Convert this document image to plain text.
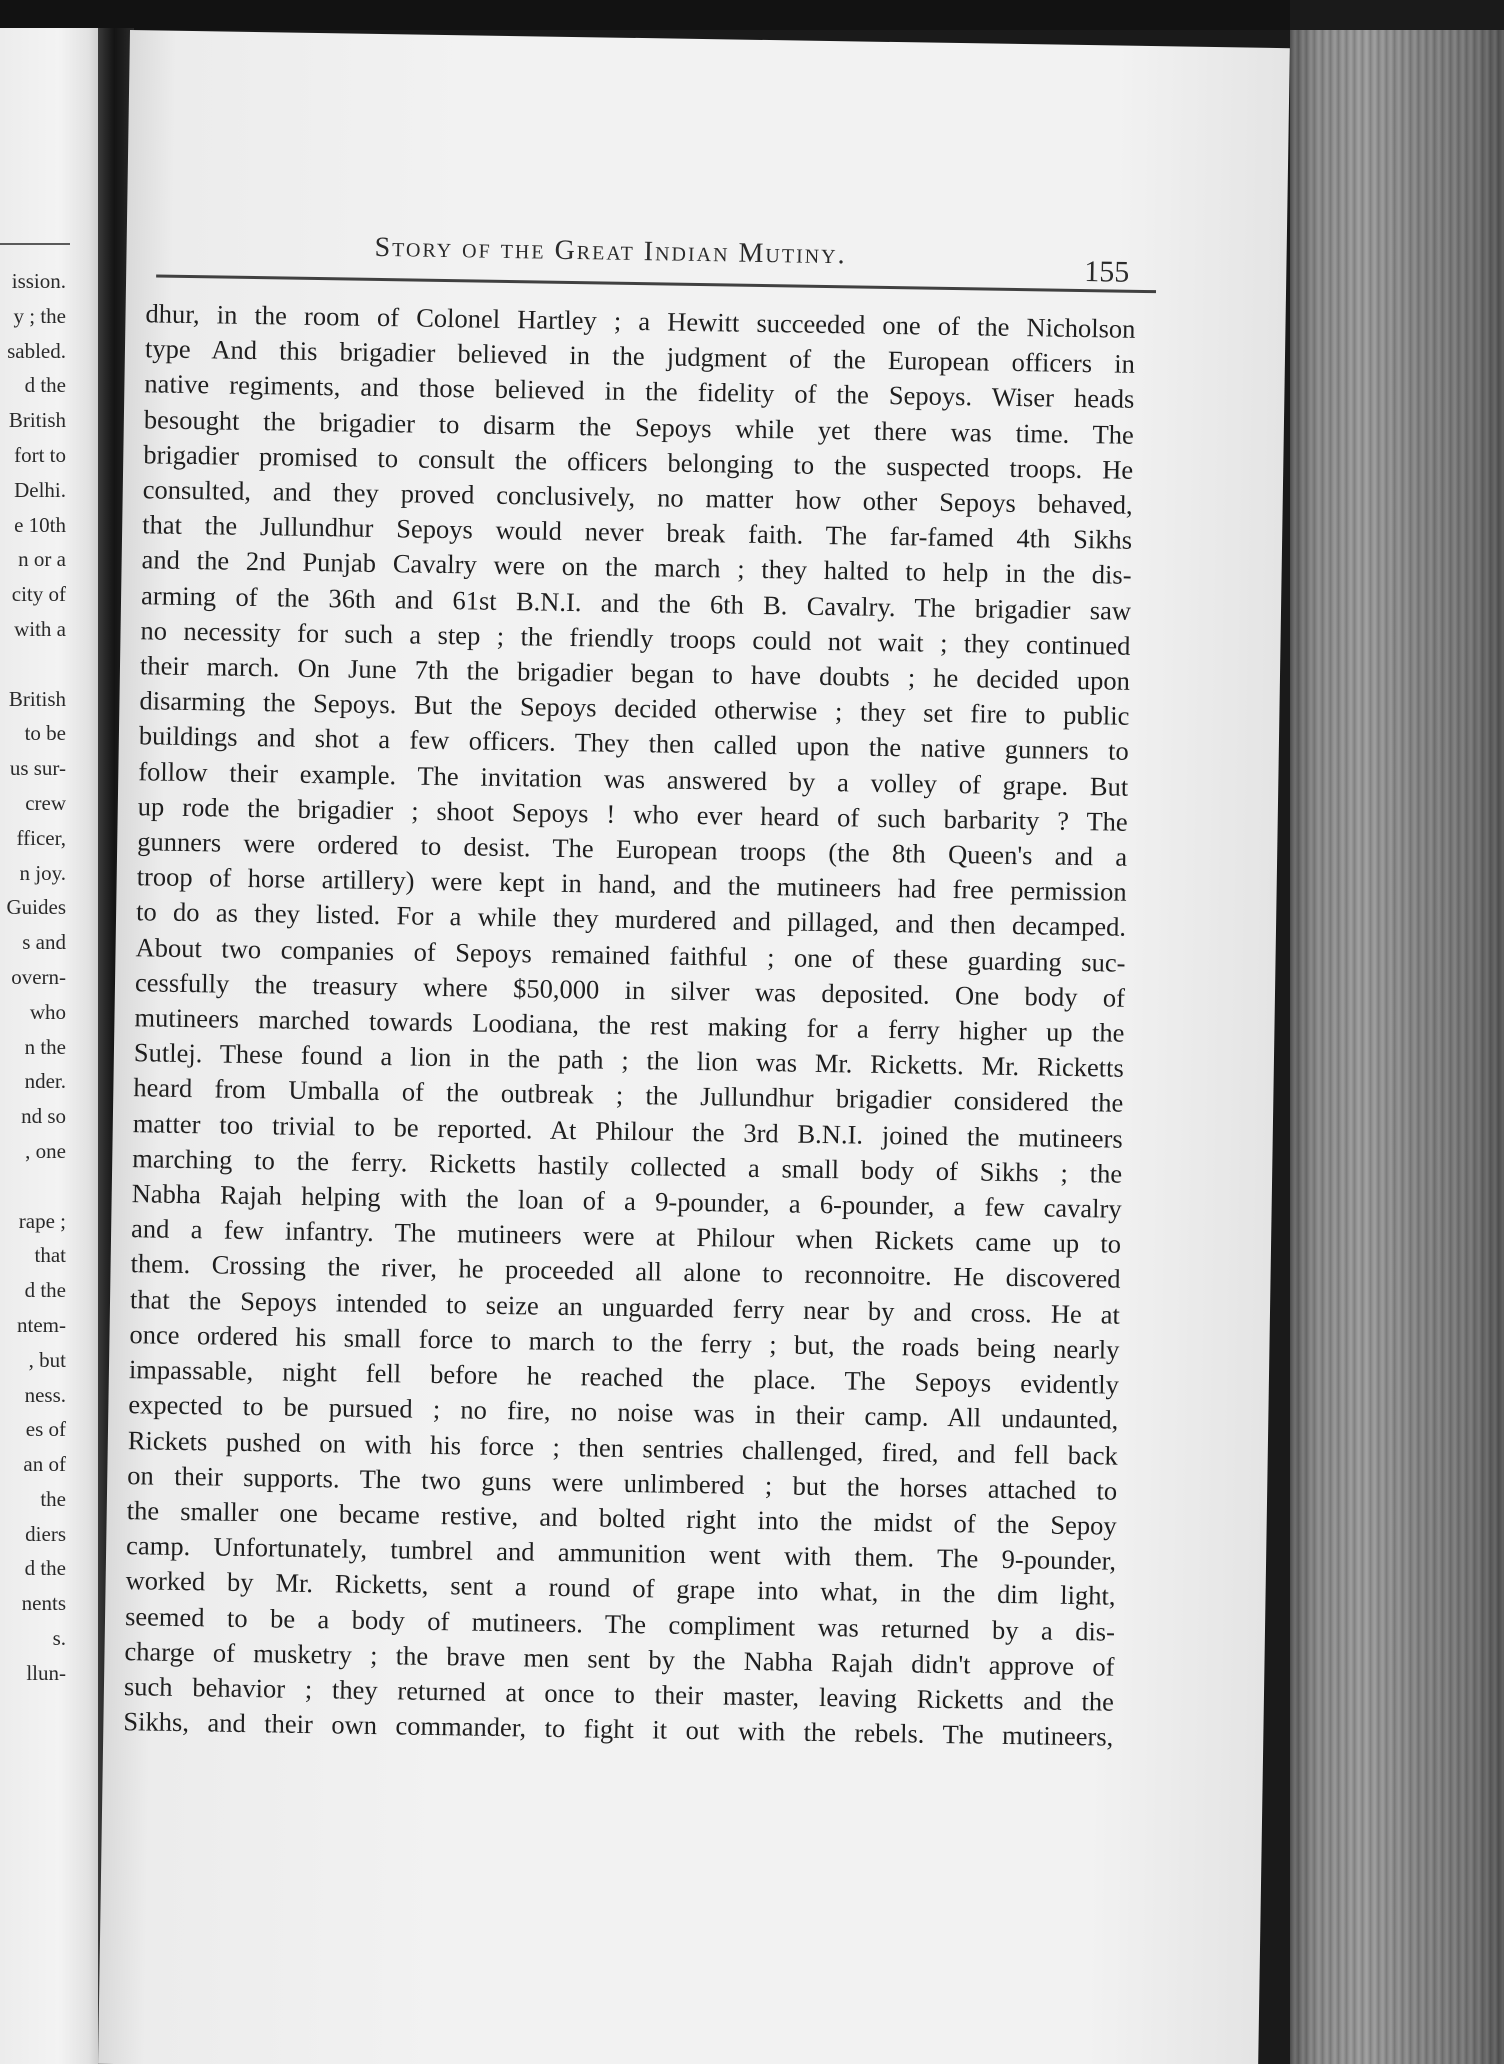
ission.
y ; the
sabled.
d the
British
fort to
Delhi.
e 10th
n or a
city of
with a

British
to be
us sur-
crew
fficer,
n joy.
Guides
s and
overn-
who
n the
nder.
nd so
, one

rape ;
that
d the
ntem-
, but
ness.
es of
an of
the
diers
d the
nents
s.
llun-
Story of the Great Indian Mutiny.
155
dhur, in the room of Colonel Hartley ; a Hewitt succeeded one of the Nicholson
type And this brigadier believed in the judgment of the European officers in
native regiments, and those believed in the fidelity of the Sepoys. Wiser heads
besought the brigadier to disarm the Sepoys while yet there was time. The
brigadier promised to consult the officers belonging to the suspected troops. He
consulted, and they proved conclusively, no matter how other Sepoys behaved,
that the Jullundhur Sepoys would never break faith. The far-famed 4th Sikhs
and the 2nd Punjab Cavalry were on the march ; they halted to help in the dis-
arming of the 36th and 61st B.N.I. and the 6th B. Cavalry. The brigadier saw
no necessity for such a step ; the friendly troops could not wait ; they continued
their march. On June 7th the brigadier began to have doubts ; he decided upon
disarming the Sepoys. But the Sepoys decided otherwise ; they set fire to public
buildings and shot a few officers. They then called upon the native gunners to
follow their example. The invitation was answered by a volley of grape. But
up rode the brigadier ; shoot Sepoys ! who ever heard of such barbarity ? The
gunners were ordered to desist. The European troops (the 8th Queen's and a
troop of horse artillery) were kept in hand, and the mutineers had free permission
to do as they listed. For a while they murdered and pillaged, and then decamped.
About two companies of Sepoys remained faithful ; one of these guarding suc-
cessfully the treasury where $50,000 in silver was deposited. One body of
mutineers marched towards Loodiana, the rest making for a ferry higher up the
Sutlej. These found a lion in the path ; the lion was Mr. Ricketts. Mr. Ricketts
heard from Umballa of the outbreak ; the Jullundhur brigadier considered the
matter too trivial to be reported. At Philour the 3rd B.N.I. joined the mutineers
marching to the ferry. Ricketts hastily collected a small body of Sikhs ; the
Nabha Rajah helping with the loan of a 9-pounder, a 6-pounder, a few cavalry
and a few infantry. The mutineers were at Philour when Rickets came up to
them. Crossing the river, he proceeded all alone to reconnoitre. He discovered
that the Sepoys intended to seize an unguarded ferry near by and cross. He at
once ordered his small force to march to the ferry ; but, the roads being nearly
impassable, night fell before he reached the place. The Sepoys evidently
expected to be pursued ; no fire, no noise was in their camp. All undaunted,
Rickets pushed on with his force ; then sentries challenged, fired, and fell back
on their supports. The two guns were unlimbered ; but the horses attached to
the smaller one became restive, and bolted right into the midst of the Sepoy
camp. Unfortunately, tumbrel and ammunition went with them. The 9-pounder,
worked by Mr. Ricketts, sent a round of grape into what, in the dim light,
seemed to be a body of mutineers. The compliment was returned by a dis-
charge of musketry ; the brave men sent by the Nabha Rajah didn't approve of
such behavior ; they returned at once to their master, leaving Ricketts and the
Sikhs, and their own commander, to fight it out with the rebels. The mutineers,
